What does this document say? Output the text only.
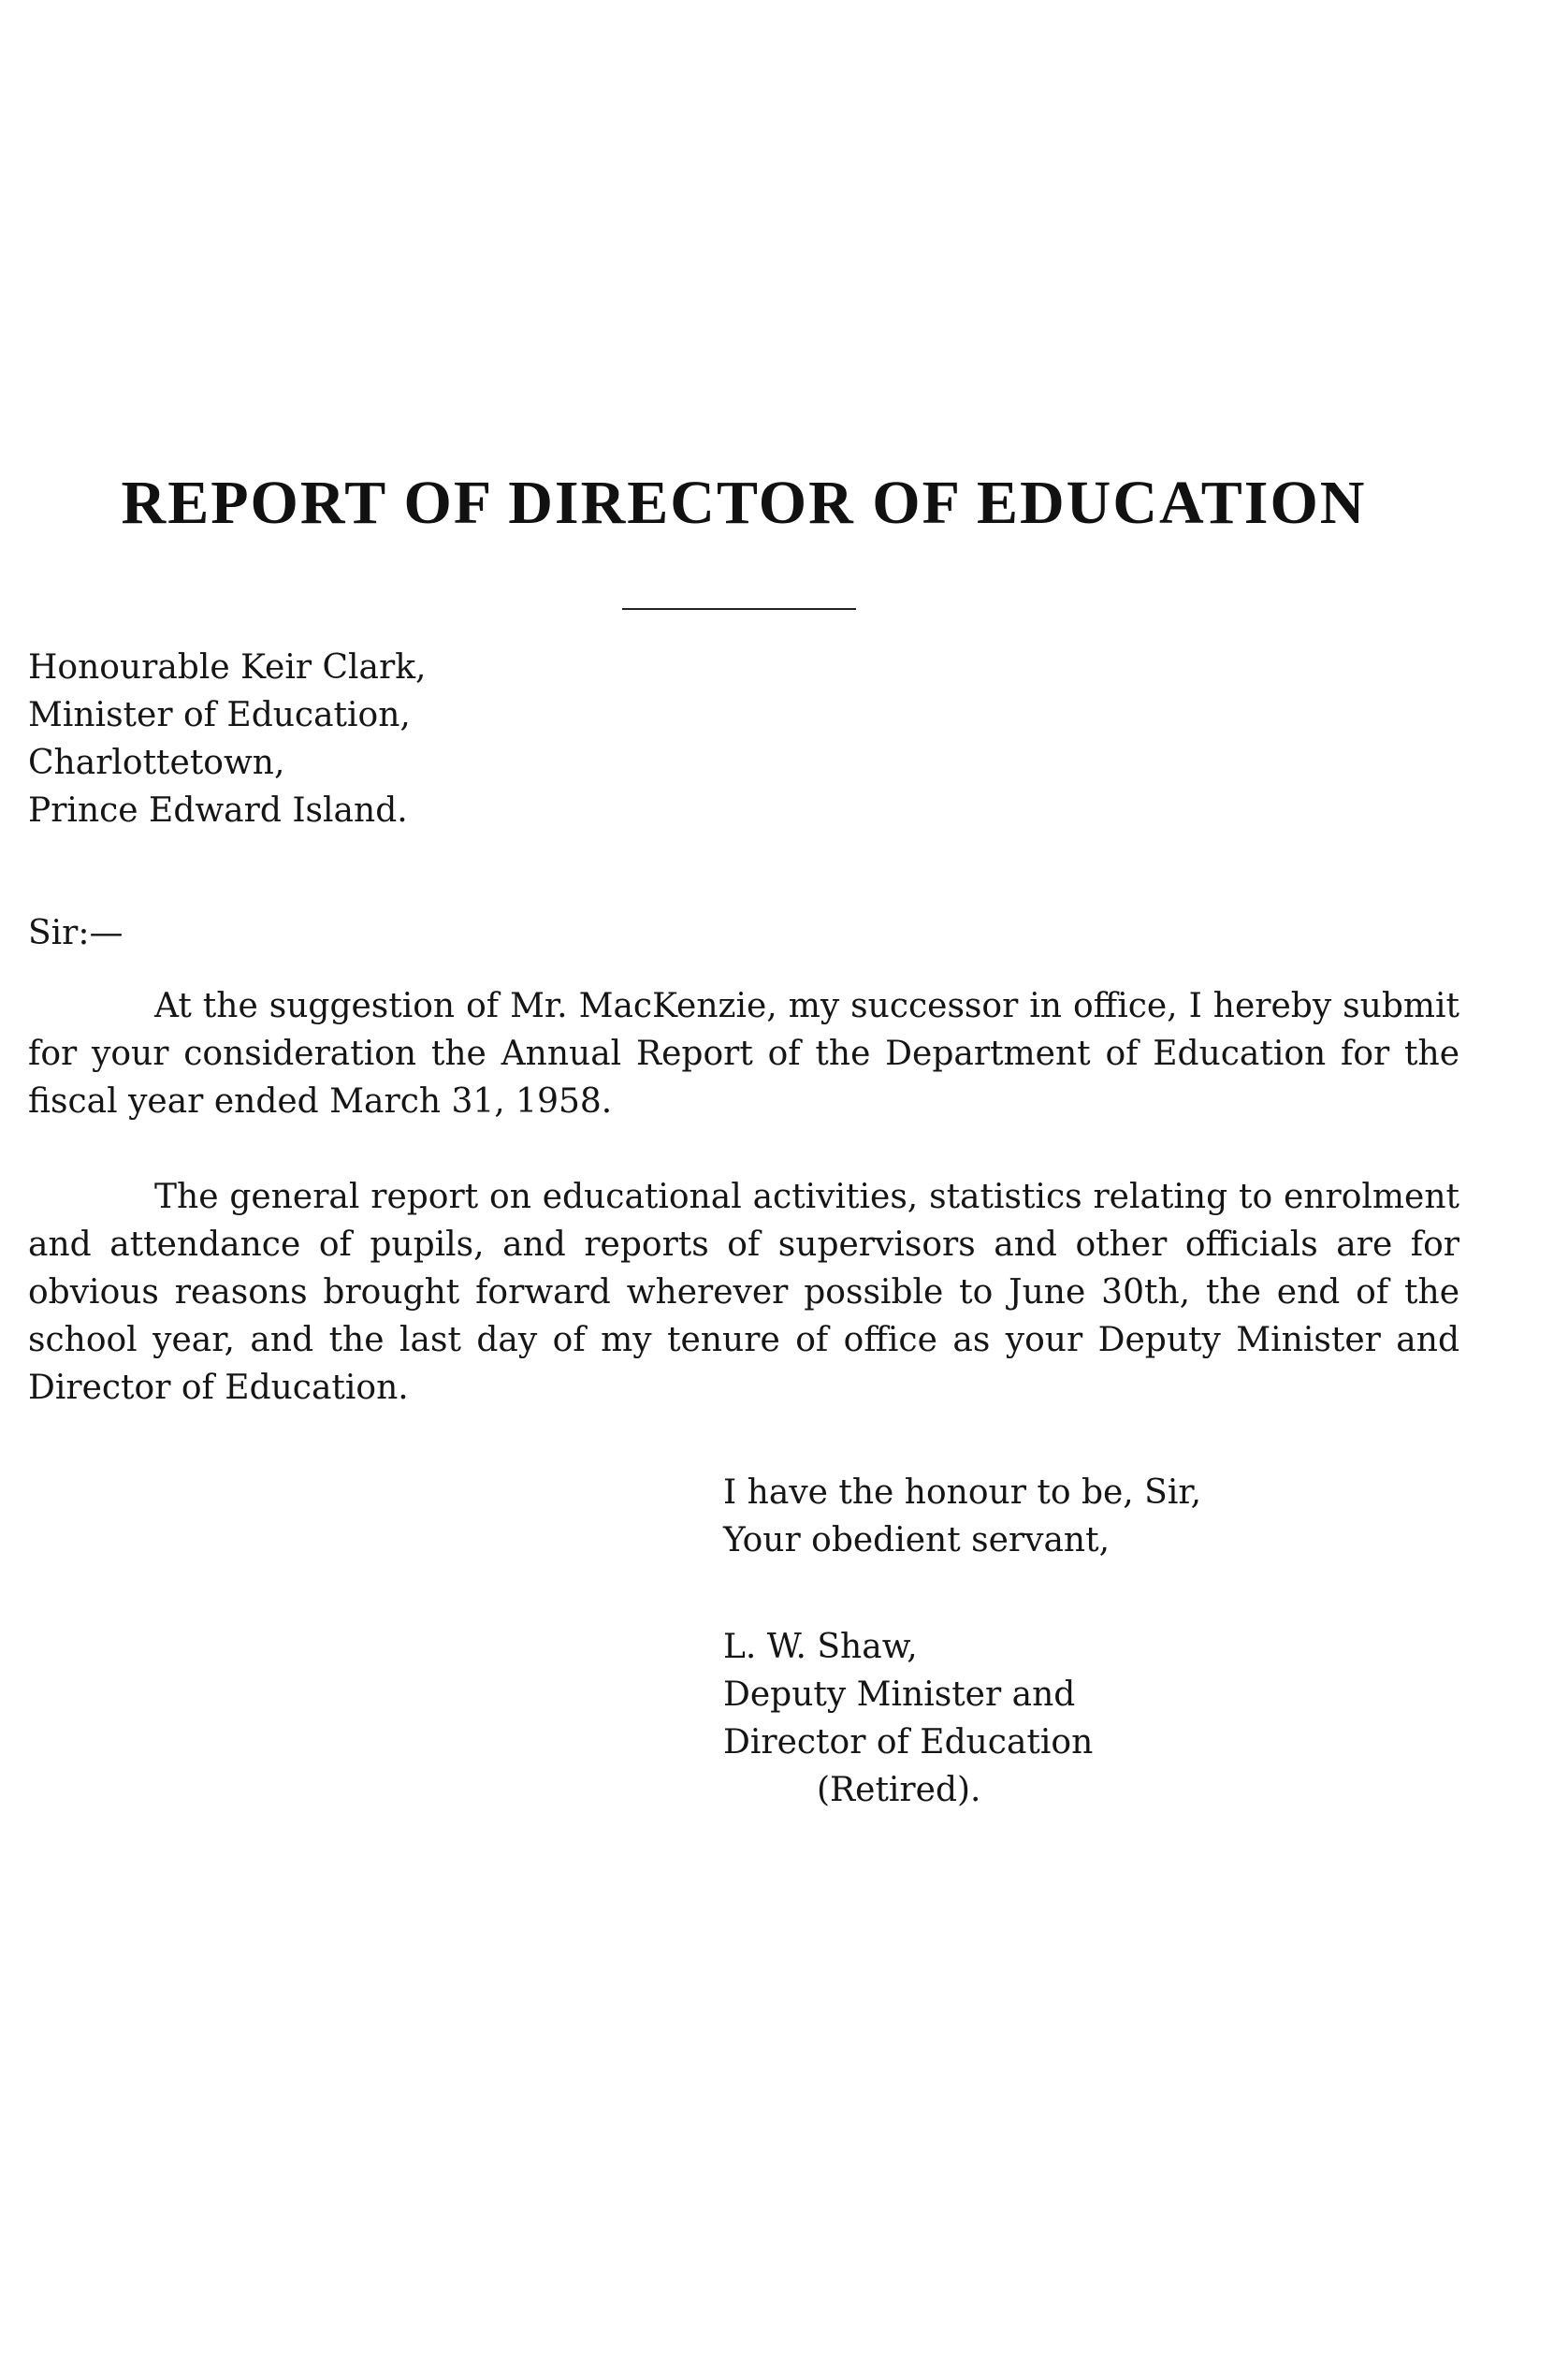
REPORT OF DIRECTOR OF EDUCATION
Honourable Keir Clark,
Minister of Education,
Charlottetown,
Prince Edward Island.
Sir:—

At the suggestion of Mr. MacKenzie, my successor in office, I hereby submit for your consideration the Annual Report of the Department of Education for the fiscal year ended March 31, 1958.

The general report on educational activities, statistics relating to enrolment and attendance of pupils, and reports of supervisors and other officials are for obvious reasons brought forward wherever possible to June 30th, the end of the school year, and the last day of my tenure of office as your Deputy Minister and Director of Education.

I have the honour to be, Sir,
Your obedient servant,
L. W. Shaw,
Deputy Minister and
Director of Education
(Retired).
